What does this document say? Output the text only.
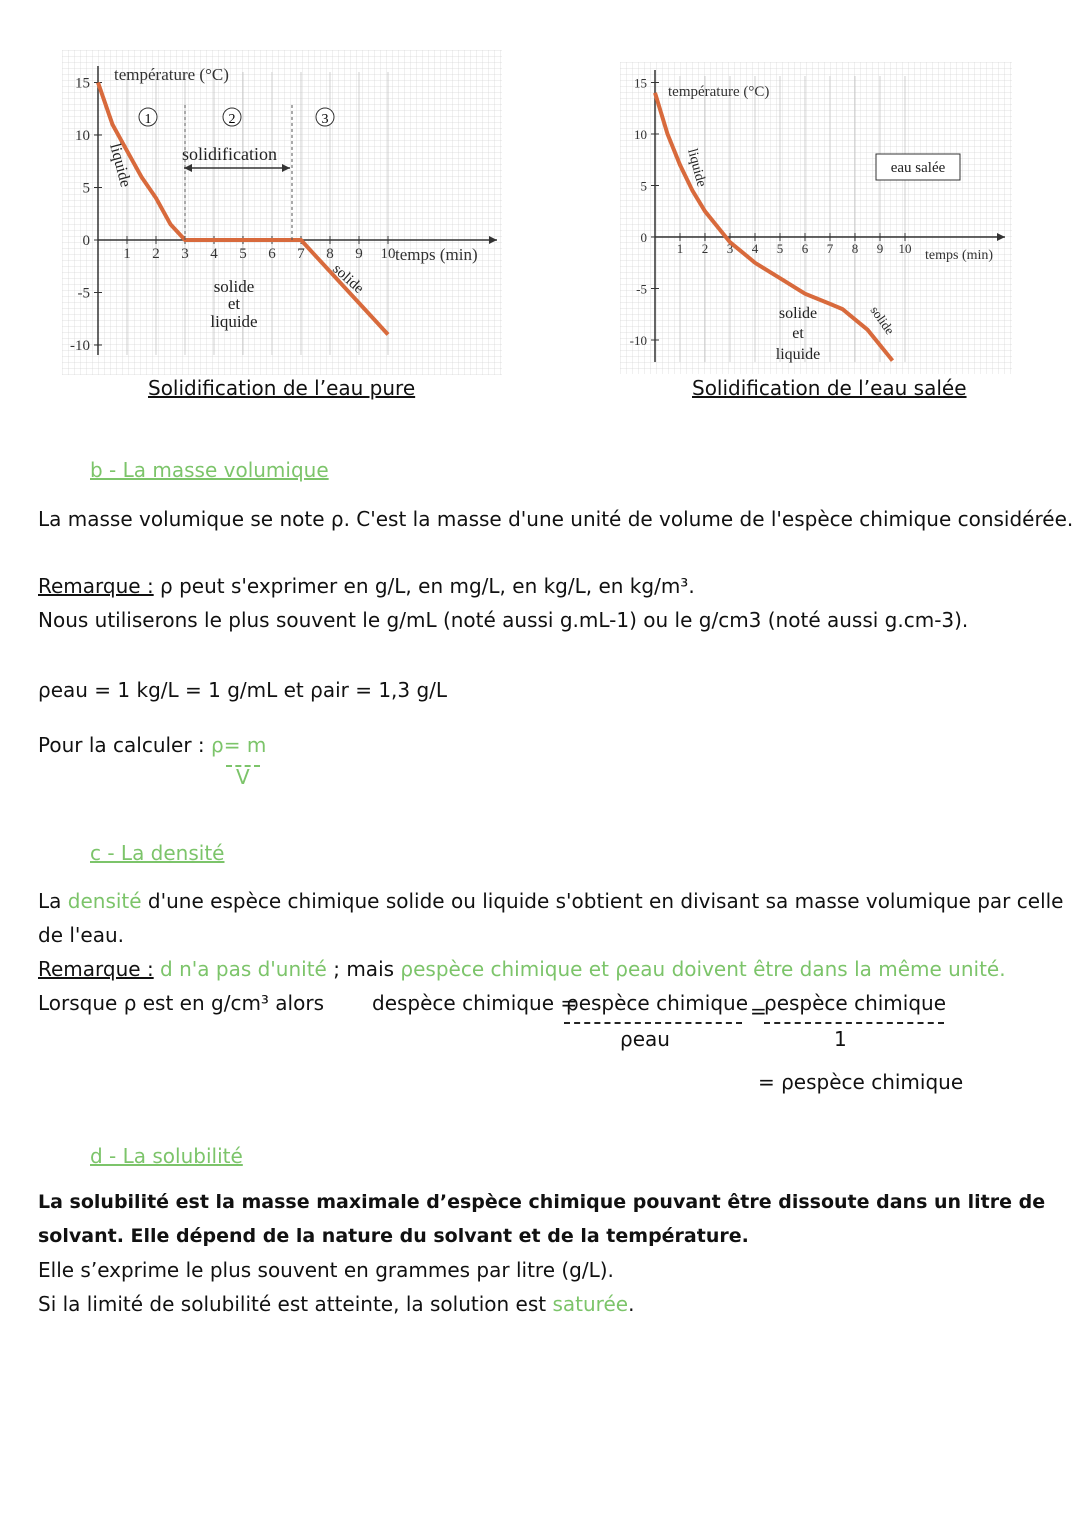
15
10
5
0
-5
-10
1 2 3 4 5 6 7 8 9 10
température (°C)
temps (min)
1	2	3
solidification
liquide
solide
et
liquide
solide
Solidification de l’eau pure
15
10
5
0
-5
-10
1 2 3 4 5 6 7 8 9 10
température (°C)
temps (min)
eau salée
liquide
solide
et
liquide
solide
Solidification de l’eau salée
b - La masse volumique
La masse volumique se note ρ. C'est la masse d'une unité de volume de l'espèce chimique considérée.
Remarque : ρ peut s'exprimer en g/L, en mg/L, en kg/L, en kg/m³.
Nous utiliserons le plus souvent le g/mL (noté aussi g.mL-1) ou le g/cm3 (noté aussi g.cm-3).
ρeau = 1 kg/L = 1 g/mL et ρair = 1,3 g/L
Pour la calculer : ρ= m
V
c - La densité
La densité d'une espèce chimique solide ou liquide s'obtient en divisant sa masse volumique par celle
de l'eau.
Remarque : d n'a pas d'unité ; mais ρespèce chimique et ρeau doivent être dans la même unité.
Lorsque ρ est en g/cm³ alors despèce chimique =
ρespèce chimique
ρeau
=
ρespèce chimique
1
= ρespèce chimique
d - La solubilité
La solubilité est la masse maximale d’espèce chimique pouvant être dissoute dans un litre de
solvant. Elle dépend de la nature du solvant et de la température.
Elle s’exprime le plus souvent en grammes par litre (g/L).
Si la limité de solubilité est atteinte, la solution est saturée.
